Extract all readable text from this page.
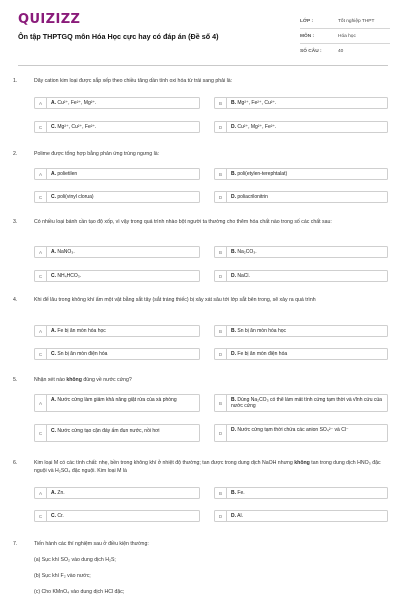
QUIZIZZ
Ôn tập THPTGQ môn Hóa Học cực hay có đáp án (Đề số 4)
LỚP :	Tốt nghiệp THPT
MÔN :	Hóa học
SỐ CÂU :	40
1.	Dãy cation kim loại được sắp xếp theo chiều tăng dần tính oxi hóa từ trái sang phải là:
A	A. Cu²⁺, Fe²⁺, Mg²⁺.	B	B. Mg²⁺, Fe²⁺, Cu²⁺.
C	C. Mg²⁺, Cu²⁺, Fe²⁺.	D	D. Cu²⁺, Mg²⁺, Fe²⁺.
2.	Polime được tổng hợp bằng phản ứng trùng ngưng là:
A	A. polietilen	B	B. poli(etylen-terephtalat)
C	C. poli(vinyl clorua)	D	D. poliacrilonitrin
3.	Có nhiều loại bánh cần tạo độ xốp, vì vậy trong quá trình nhào bột người ta thường cho thêm hóa chất nào trong số các chất sau:
A	A. NaNO₃.	B	B. Na₂CO₃.
C	C. NH₄HCO₃.	D	D. NaCl.
4.	Khi để lâu trong không khí ẩm một vật bằng sắt tây (sắt tráng thiếc) bị xây xát sâu tới lớp sắt bên trong, sẽ xảy ra quá trình
A	A. Fe bị ăn mòn hóa học	B	B. Sn bị ăn mòn hóa học
C	C. Sn bị ăn mòn điện hóa	D	D. Fe bị ăn mòn điện hóa
5.	Nhận xét nào không đúng về nước cứng?
A
A. Nước cứng làm giảm khả năng giặt rửa của xà phòng
B
B. Dùng Na₂CO₃ có thể làm mất tính cứng tạm thời và vĩnh cửu của nước cứng
C	C. Nước cứng tạo cặn đáy ấm đun nước, nồi hơi	D
D. Nước cứng tạm thời chứa các anion SO₄²⁻ và Cl⁻
6.	Kim loại M có các tính chất: nhẹ, bền trong không khí ở nhiệt độ thường; tan được trong dung dịch NaOH nhưng không tan trong dung dịch HNO₃ đặc nguội và H₂SO₄ đặc nguội. Kim loại M là
A	A. Zn.	B	B. Fe.
C	C. Cr.	D	D. Al.
7.	Tiến hành các thí nghiệm sau ở điều kiện thường:
(a) Sục khí SO₂ vào dung dịch H₂S;
(b) Sục khí F₂ vào nước;
(c) Cho KMnO₄ vào dung dịch HCl đặc;
